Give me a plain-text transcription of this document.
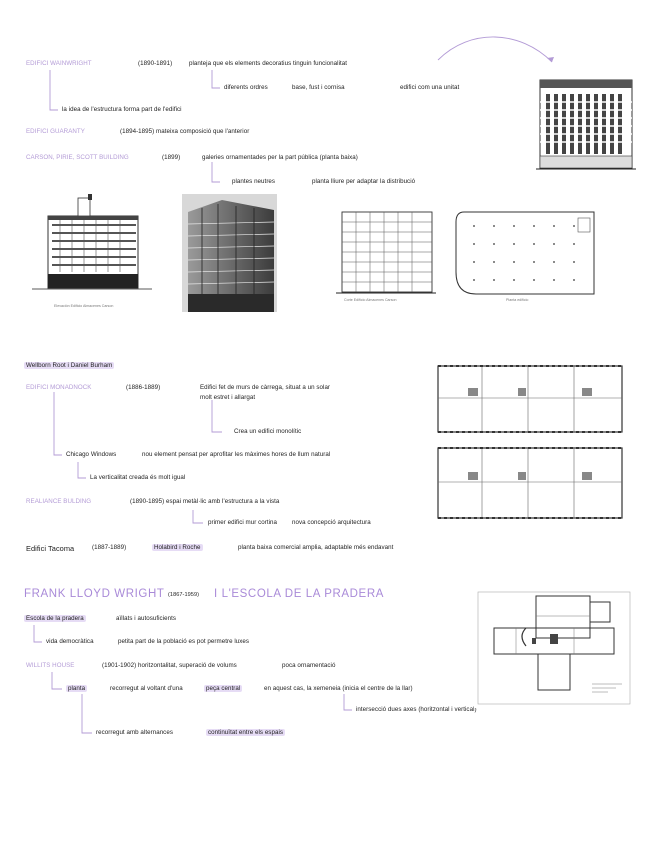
EDIFICI WAINWRIGHT	(1890-1891)	planteja que els elements decoratius tinguin funcionalitat
diferents ordres	base, fust i cornisa	edifici com una unitat
la idea de l'estructura forma part de l'edifici
EDIFICI GUARANTY	(1894-1895) mateixa composició que l'anterior
CARSON, PIRIE, SCOTT BUILDING	(1899)	galeries ornamentades per la part pública (planta baixa)
plantes neutres	planta lliure per adaptar la distribució
Elevación Edificio Almacenes Carson
Corte Edificio Almacenes Carson	Planta edificio
Wellborn Root i Daniel Burham
EDIFICI MONADNOCK	(1886-1889)	Edifici fet de murs de càrrega, situat a un solar
molt estret i allargat
Crea un edifici monolític
Chicago Windows	nou element pensat per aprofitar les màximes hores de llum natural
La verticalitat creada és molt igual
REALIANCE BULDING	(1890-1895) espai metàl·lic amb l'estructura a la vista
primer edifici mur cortina nova concepció arquitectura
Edifici Tacoma	(1887-1889)	Holabird i Roche	planta baixa comercial amplia, adaptable més endavant
FRANK LLOYD WRIGHT (1867-1959) I L'ESCOLA DE LA PRADERA
Escola de la pradera	aïllats i autosuficients
vida democràtica	petita part de la població es pot permetre luxes
WILLITS HOUSE	(1901-1902) horitzontalitat, superació de volums	poca ornamentació
planta	recorregut al voltant d'una	peça central	en aquest cas, la xemeneia (inicia el centre de la llar)
intersecció dues axes (horitzontal i vertical)
recorregut amb alternances	continuïtat entre els espais
